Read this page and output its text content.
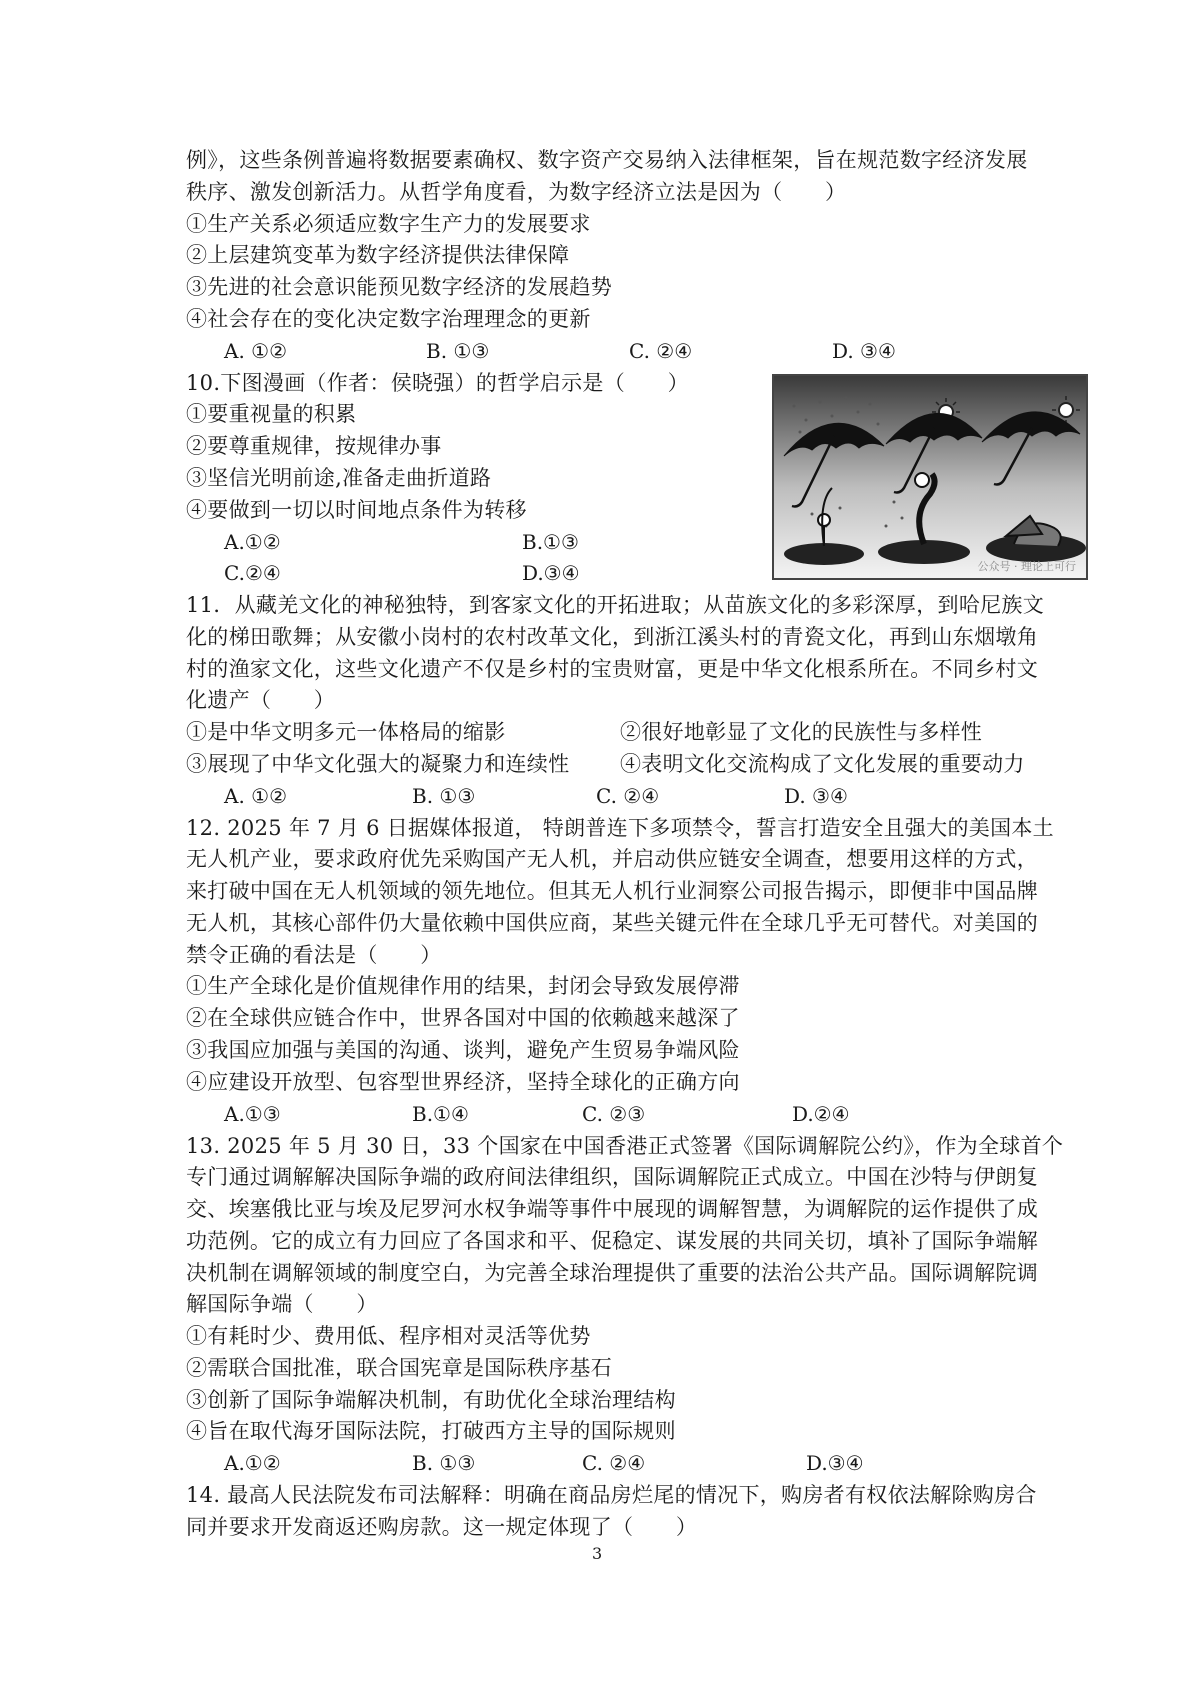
例》，这些条例普遍将数据要素确权、数字资产交易纳入法律框架，旨在规范数字经济发展
秩序、激发创新活力。从哲学角度看，为数字经济立法是因为（　　）
①生产关系必须适应数字生产力的发展要求
②上层建筑变革为数字经济提供法律保障
③先进的社会意识能预见数字经济的发展趋势
④社会存在的变化决定数字治理理念的更新
A. ①②	B. ①③	C. ②④	D. ③④
10.下图漫画（作者：侯晓强）的哲学启示是（　　）
①要重视量的积累
②要尊重规律，按规律办事
③坚信光明前途,准备走曲折道路
④要做到一切以时间地点条件为转移
A.①②	B.①③
C.②④	D.③④	公众号 · 理论上可行
11．从藏羌文化的神秘独特，到客家文化的开拓进取；从苗族文化的多彩深厚，到哈尼族文
化的梯田歌舞；从安徽小岗村的农村改革文化，到浙江溪头村的青瓷文化，再到山东烟墩角
村的渔家文化，这些文化遗产不仅是乡村的宝贵财富，更是中华文化根系所在。不同乡村文
化遗产（　　）
①是中华文明多元一体格局的缩影	②很好地彰显了文化的民族性与多样性
③展现了中华文化强大的凝聚力和连续性 ④表明文化交流构成了文化发展的重要动力
A. ①②	B. ①③	C. ②④	D. ③④
12. 2025 年 7 月 6 日据媒体报道， 特朗普连下多项禁令，誓言打造安全且强大的美国本土
无人机产业，要求政府优先采购国产无人机，并启动供应链安全调查，想要用这样的方式，
来打破中国在无人机领域的领先地位。但其无人机行业洞察公司报告揭示，即便非中国品牌
无人机，其核心部件仍大量依赖中国供应商，某些关键元件在全球几乎无可替代。对美国的
禁令正确的看法是（　　）
①生产全球化是价值规律作用的结果，封闭会导致发展停滞
②在全球供应链合作中，世界各国对中国的依赖越来越深了
③我国应加强与美国的沟通、谈判，避免产生贸易争端风险
④应建设开放型、包容型世界经济，坚持全球化的正确方向
A.①③	B.①④	C. ②③	D.②④
13. 2025 年 5 月 30 日，33 个国家在中国香港正式签署《国际调解院公约》，作为全球首个
专门通过调解解决国际争端的政府间法律组织，国际调解院正式成立。中国在沙特与伊朗复
交、埃塞俄比亚与埃及尼罗河水权争端等事件中展现的调解智慧，为调解院的运作提供了成
功范例。它的成立有力回应了各国求和平、促稳定、谋发展的共同关切，填补了国际争端解
决机制在调解领域的制度空白，为完善全球治理提供了重要的法治公共产品。国际调解院调
解国际争端（　　）
①有耗时少、费用低、程序相对灵活等优势
②需联合国批准，联合国宪章是国际秩序基石
③创新了国际争端解决机制，有助优化全球治理结构
④旨在取代海牙国际法院，打破西方主导的国际规则
A.①②	B. ①③	C. ②④	D.③④
14. 最高人民法院发布司法解释：明确在商品房烂尾的情况下，购房者有权依法解除购房合
同并要求开发商返还购房款。这一规定体现了（　　）
3
